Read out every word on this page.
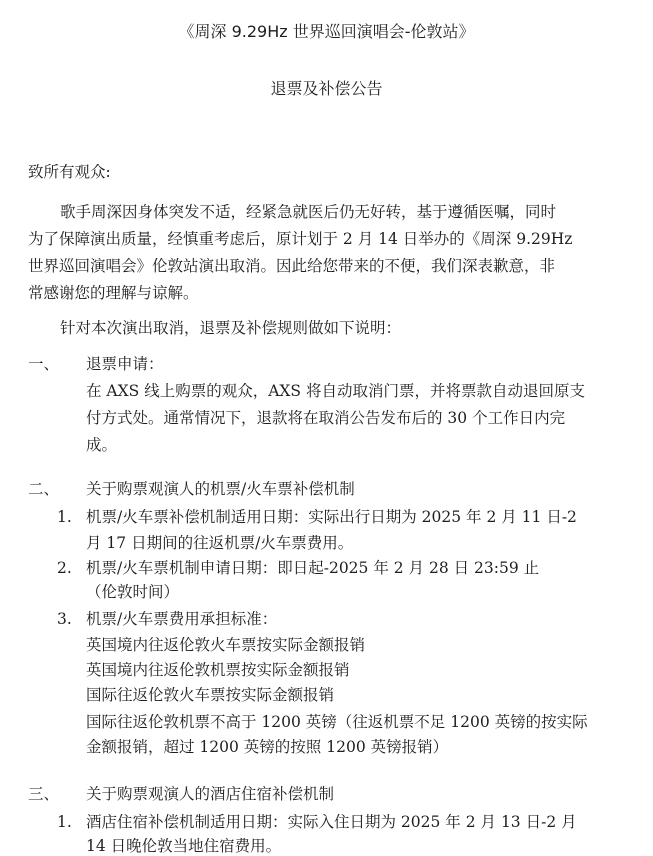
《周深 9.29Hz 世界巡回演唱会-伦敦站》
退票及补偿公告
致所有观众:
歌手周深因身体突发不适，经紧急就医后仍无好转，基于遵循医嘱，同时
为了保障演出质量，经慎重考虑后，原计划于 2 月 14 日举办的《周深 9.29Hz
世界巡回演唱会》伦敦站演出取消。因此给您带来的不便，我们深表歉意，非
常感谢您的理解与谅解。
针对本次演出取消，退票及补偿规则做如下说明：
一、 退票申请：
在 AXS 线上购票的观众，AXS 将自动取消门票，并将票款自动退回原支
付方式处。通常情况下，退款将在取消公告发布后的 30 个工作日内完
成。
二、 关于购票观演人的机票/火车票补偿机制
1. 机票/火车票补偿机制适用日期：实际出行日期为 2025 年 2 月 11 日-2
月 17 日期间的往返机票/火车票费用。
2. 机票/火车票机制申请日期：即日起-2025 年 2 月 28 日 23:59 止
（伦敦时间）
3. 机票/火车票费用承担标准：
英国境内往返伦敦火车票按实际金额报销
英国境内往返伦敦机票按实际金额报销
国际往返伦敦火车票按实际金额报销
国际往返伦敦机票不高于 1200 英镑（往返机票不足 1200 英镑的按实际
金额报销，超过 1200 英镑的按照 1200 英镑报销）
三、 关于购票观演人的酒店住宿补偿机制
1. 酒店住宿补偿机制适用日期：实际入住日期为 2025 年 2 月 13 日-2 月
14 日晚伦敦当地住宿费用。
